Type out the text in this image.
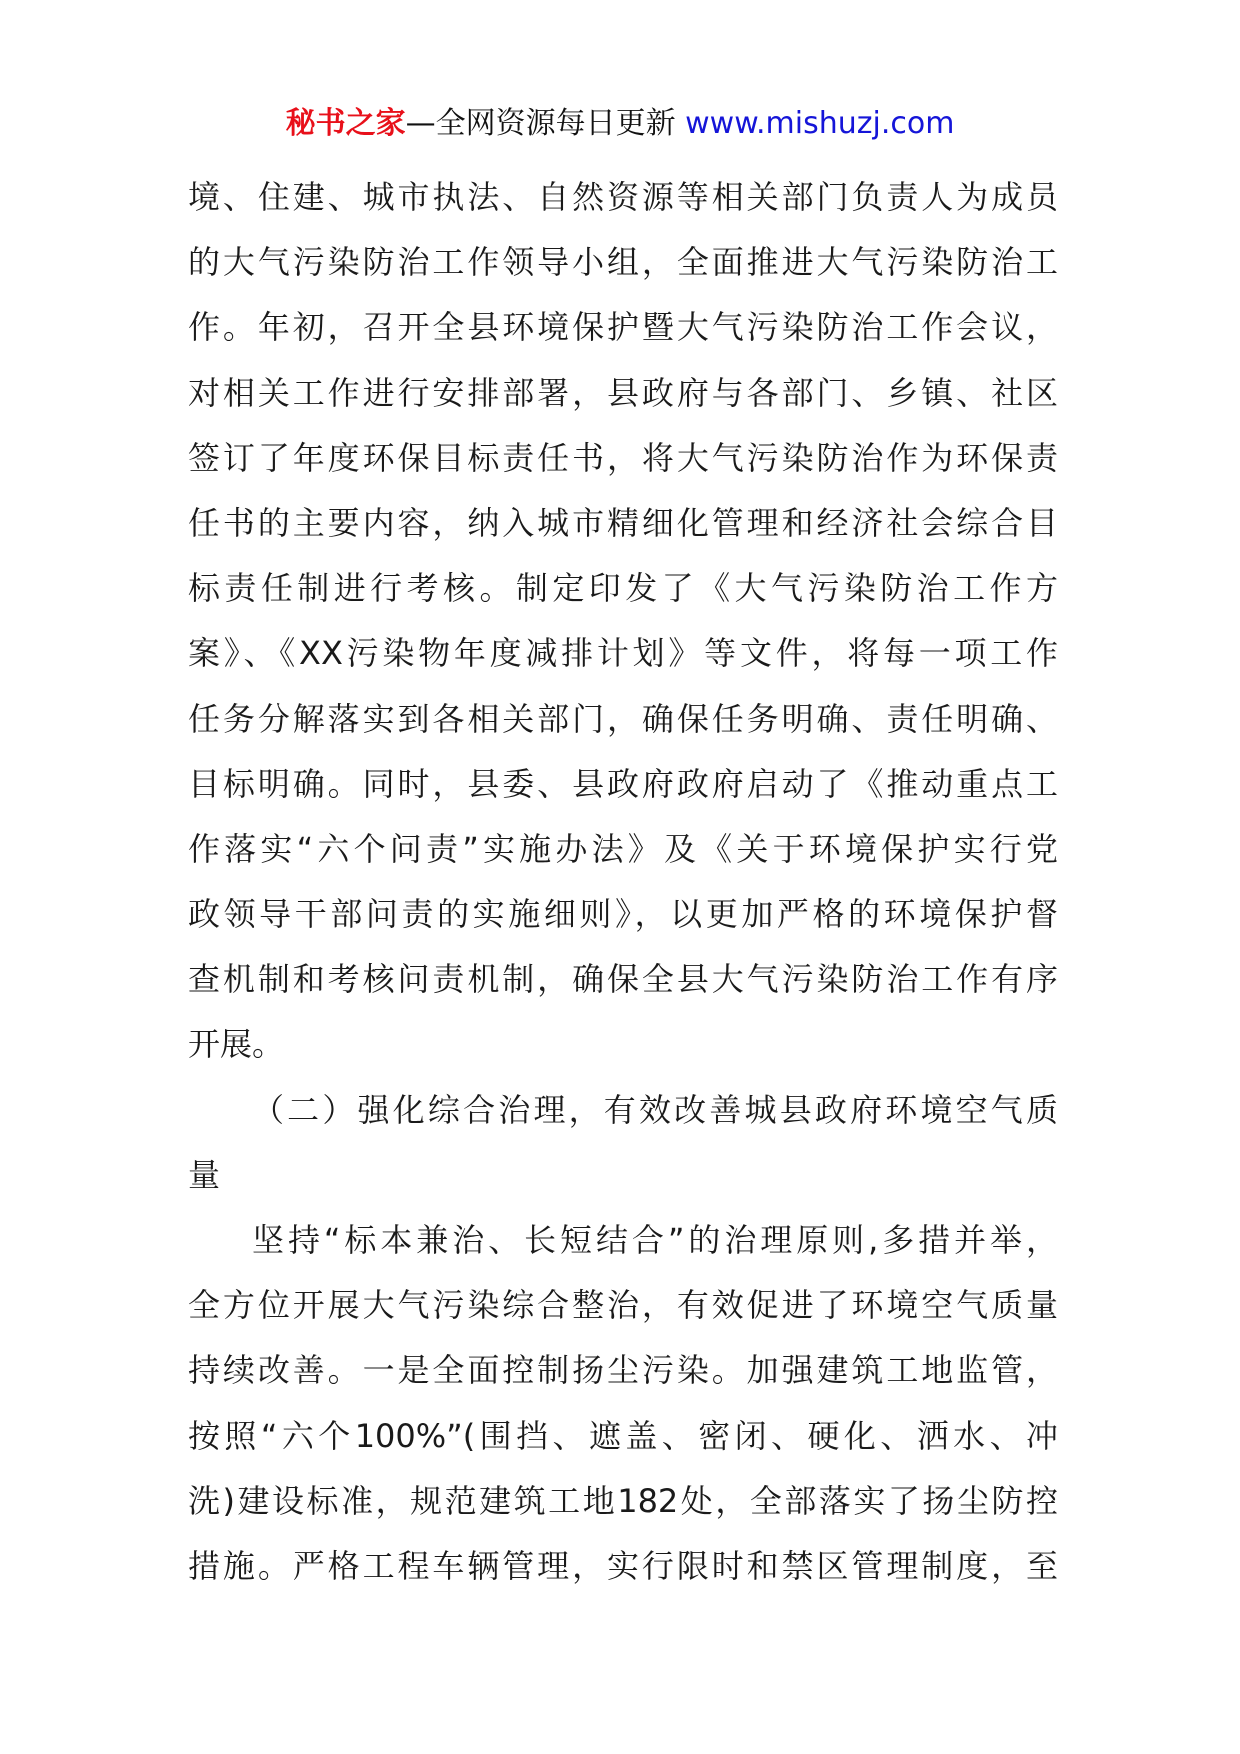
秘书之家—全网资源每日更新 www.mishuzj.com
境、住建、城市执法、自然资源等相关部门负责人为成员
的大气污染防治工作领导小组，全面推进大气污染防治工
作。年初，召开全县环境保护暨大气污染防治工作会议，
对相关工作进行安排部署，县政府与各部门、乡镇、社区
签订了年度环保目标责任书，将大气污染防治作为环保责
任书的主要内容，纳入城市精细化管理和经济社会综合目
标责任制进行考核。制定印发了《大气污染防治工作方
案》、《XX污染物年度减排计划》等文件，将每一项工作
任务分解落实到各相关部门，确保任务明确、责任明确、
目标明确。同时，县委、县政府政府启动了《推动重点工
作落实“六个问责”实施办法》及《关于环境保护实行党
政领导干部问责的实施细则》，以更加严格的环境保护督
查机制和考核问责机制，确保全县大气污染防治工作有序
开展。
（二）强化综合治理，有效改善城县政府环境空气质
量
坚持“标本兼治、长短结合”的治理原则,多措并举，
全方位开展大气污染综合整治，有效促进了环境空气质量
持续改善。一是全面控制扬尘污染。加强建筑工地监管，
按照“六个100%”(围挡、遮盖、密闭、硬化、洒水、冲
洗)建设标准，规范建筑工地182处，全部落实了扬尘防控
措施。严格工程车辆管理，实行限时和禁区管理制度，至
